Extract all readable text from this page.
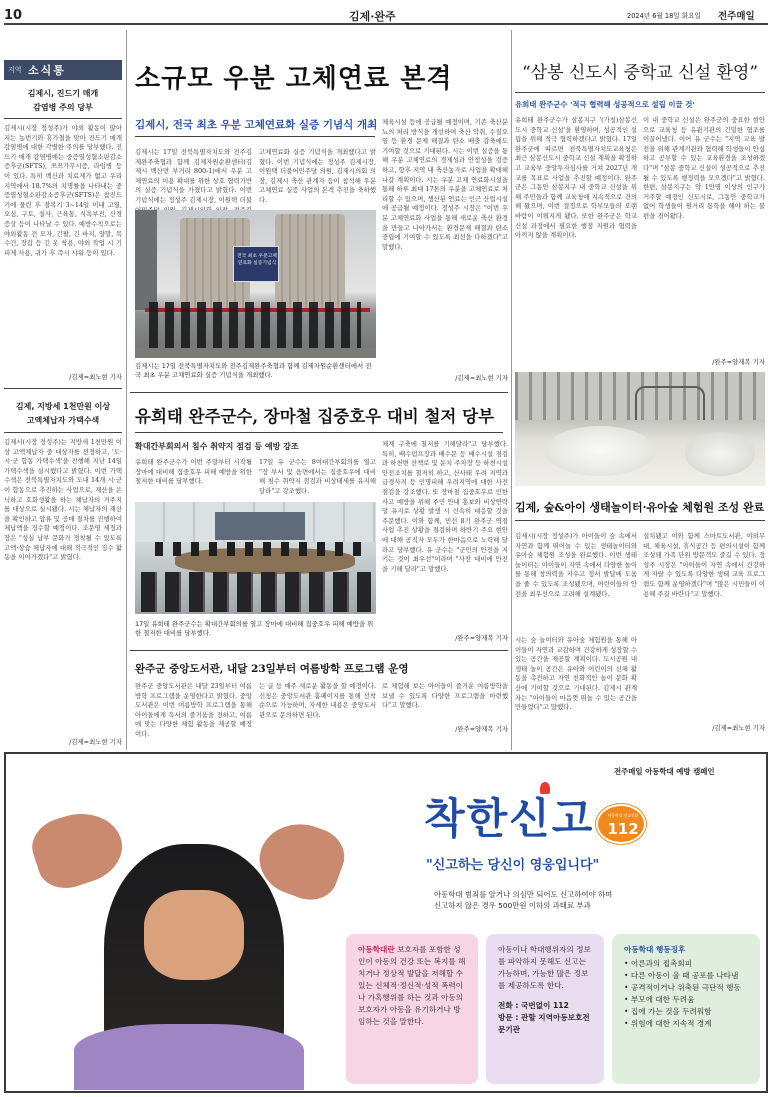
10	김제·완주	2024년 6월 18일 화요일 전주매일
지역 소식통
김제시, 진드기 매개
감염병 주의 당부
김제시(시장 정성주)가 야외 활동이 많아지는 농번기와 휴가철을 맞아 진드기 매개 감염병에 대한 각별한 주의를 당부했다. 진드기 매개 감염병에는 중증열성혈소판감소증후군(SFTS), 쯔쯔가무시증, 라임병 등이 있다. 특히 백신과 치료제가 없고 우리 지역에서 18.7%의 치명률을 나타내는 중증열성혈소판감소증후군(SFTS)은 참진드기에 물린 후 잠복기 3~14일 이내 고열, 오심, 구토, 설사, 근육통, 식욕부진, 신경 증상 등이 나타날 수 있다. 예방수칙으로는 야외활동 전 모자, 긴팔, 긴 바지, 양말, 목수건, 장갑 등 긴 옷 착용, 야외 작업 시 기피제 사용, 귀가 후 즉시 샤워 등이 있다.
/김제=최노현 기자
김제, 지방세 1천만원 이상
고액체납자 가택수색
김제시(시장 정성주)는 지방세 1천만원 이상 고액체납자 중 대상자를 선정하고, '도·시·군 합동 가택수색'을 진행해 지난 14일 가택수색을 실시했다고 밝혔다. 이번 가택수색은 전북특별자치도와 도내 14개 시·군이 합동으로 추진하는 사업으로, 재산을 은닉하고 호화생활을 하는 체납자의 거주지를 대상으로 실시됐다. 시는 체납자의 재산을 확인하고 압류 및 공매 절차를 진행하여 체납액을 징수할 예정이다. 조문영 세정과장은 "성실 납부 문화가 정착될 수 있도록 고액·상습 체납자에 대해 적극적인 징수 활동을 이어가겠다"고 밝혔다.
/김제=최노현 기자
소규모 우분 고체연료 본격
김제시, 전국 최초 우분 고체연료화 실증 기념식 개최
김제시는 17일 전북특별자치도와 전주김제완주축협과 함께 김제자원순환센터(김제시 백산면 부거리 800-1)에서 우분 고체연료의 이용 확대를 위한 상호 협력기반의 실증 기념식을 가졌다고 밝혔다. 이번 기념식에는 정성주 김제시장, 이원택 더불
고체연료화 실증 기념식을 개최했다고 밝혔다. 이번 기념식에는 정성주 김제시장, 이원택 더불어민주당 의원, 김제시의회 의장, 김제시 축산 관계자 등이 참석해 우분 고체연료 실증 사업의 본격 추진을 축하했다.
체육시설 등에 공급될 예정이며, 기존 축산분뇨의 처리 방식을 개선하여 축산 악취, 수질오염 등 환경 문제 해결과 탄소 배출 감축에도 기여할 것으로 기대된다. 시는 이번 실증을 통해 우분 고체연료의 경제성과 안정성을 검증하고, 향후 지역 내 축산농가로 사업을 확대해 나갈 계획이다. 시는 우분 고체 연료화시설을 통해 하루 최대 17톤의 우분을 고체연료로 처리할 수 있으며, 생산된 연료는 인근 산업시설에 공급될 예정이다. 정성주 시장은 "이번 우분 고체연료화 사업을 통해 새로운 축산 환경을 만들고 나아가서는 환경문제 해결과 탄소중립에 기여할 수 있도록 최선을 다하겠다"고 말했다.
/김제=최노현 기자
전국 최초 우분고체연료화 실증기념식
김제시는 17일 전북특별자치도와 전주김제완주축협과 함께 김제자원순환센터에서 전국 최초 우분 고체연료화 실증 기념식을 개최했다.
유희태 완주군수, 장마철 집중호우 대비 철저 당부
확대간부회의서 침수 취약지 점검 등 예방 강조
유희태 완주군수가 이번 주말부터 시작될 장마에 대비해 집중호우 피해 예방을 위한 철저한 대비를 당부했다.
17일 유 군수는 8여대간부회의를 열고 "장 부서 및 읍면에서는 집중호우에 대비해 침수 취약지 점검과 비상태세를 유지해 달라"고 강조했다.
체계 구축에 철저를 기해달라"고 당부했다. 특히, 배수펌프장과 배수문 등 배수시설 점검과 하천변 산책로 및 둔치 주차장 등 하천시설 안전조치를 철저히 하고, 산사태 우려 지역과 급경사지 등 인명피해 우려지역에 대한 사전 점검을 강조했다. 또 장마철 집중호우로 인한 사고 예방을 위해 주민 안내 홍보와 비상연락망 유지로 상황 발생 시 신속히 대응할 것을 주문했다. 이와 함께, 민선 8기 완주군 역점 사업 추진 상황을 점검하며 하반기 주요 현안에 대해 공직자 모두가 한마음으로 노력해 달라고 당부했다. 유 군수는 "군민의 안전을 지키는 것이 최우선"이라며 "사전 대비에 만전을 기해 달라"고 말했다.
/완주=양재복 기자
17일 유희태 완주군수는 확대간부회의를 열고 장마에 대비해 집중호우 피해 예방을 위한 철저한 대비를 당부했다.
완주군 중앙도서관, 내달 23일부터 여름방학 프로그램 운영
완주군 중앙도서관은 내달 23일부터 여름방학 프로그램을 운영한다고 밝혔다. 중앙도서관은 이번 여름방학 프로그램을 통해 아이들에게 독서의 즐거움을 전하고, 여름에 맞는 다양한 체험 활동을 제공할 예정이다.
는 글 등 매주 새로운 활동을 할 예정이다. 신청은 중앙도서관 홈페이지를 통해 선착순으로 가능하며, 자세한 내용은 중앙도서관으로 문의하면 된다.
로 체험해 보는 아이들이 즐거운 여름방학을 보낼 수 있도록 다양한 프로그램을 마련했다"고 말했다.
/완주=양재복 기자
“삼봉 신도시 중학교 신설 환영”
유희태 완주군수 '적극 협력해 성공적으로 설립 이끌 것'
유희태 완주군수가 삼봉지구 '(가칭)삼봉신도시 중학교 신설'을 환영하며, 성공적인 설립을 위해 적극 협력하겠다고 밝혔다. 17일 완주군에 따르면 전북특별자치도교육청은 최근 삼봉신도시 중학교 신설 계획을 확정하고 교육부 중앙투자심사를 거쳐 2027년 개교를 목표로 사업을 추진할 예정이다. 완주군은 그동안 삼봉지구 내 중학교 신설을 위해 주민들과 함께 교육청에 지속적으로 건의해 왔으며, 이번 결정으로 학부모들의 오랜 바람이 이뤄지게 됐다. 또한 완주군은 학교 신설 과정에서 필요한 행정 지원과 협력을 아끼지 않을 계획이다.
이 내 중학교 신설은 완주군의 중요한 현안으로 교육청 등 유관기관의 긴밀한 협조를 이끌어냈다. 이어 유 군수는 "지역 교육 발전을 위해 관계기관과 협력해 학생들이 안심하고 공부할 수 있는 교육환경을 조성하겠다"며 "삼봉 중학교 신설이 성공적으로 추진될 수 있도록 행정력을 모으겠다"고 밝혔다. 한편, 삼봉지구는 약 1만명 이상의 인구가 거주할 예정인 신도시로, 그동안 중학교가 없어 학생들이 원거리 통학을 해야 하는 불편을 겪어왔다.
/완주=양재복 기자
김제, 숲&아이 생태놀이터·유아숲 체험원 조성 완료
김제시(시장 정성주)가 아이들이 숲 속에서 자연과 함께 뛰어놀 수 있는 생태놀이터와 유아숲 체험원 조성을 완료했다. 이번 생태놀이터는 아이들이 자연 속에서 다양한 놀이를 통해 창의력을 키우고 정서 발달에 도움을 줄 수 있도록 조성됐으며, 어린이들의 안전을 최우선으로 고려해 설계됐다.
시는 숲 놀이터와 유아숲 체험원을 통해 아이들이 자연과 교감하며 건강하게 성장할 수 있는 공간을 제공할 계획이다. 도시공원 내 생태 놀이 공간은 유아와 어린이의 신체 활동을 촉진하고 자연 친화적인 놀이 문화 확산에 기여할 것으로 기대된다. 김제시 관계자는 "아이들이 마음껏 뛰놀 수 있는 공간을 만들었다"고 말했다.
설치됐고 이와 함께 스마트도서관, 야외무대, 체육시설, 휴식공간 등 편의시설이 함께 조성돼 가족 단위 방문객도 즐길 수 있다. 정성주 시장은 "아이들이 자연 속에서 건강하게 자랄 수 있도록 다양한 생태 교육 프로그램도 함께 운영하겠다"며 "많은 시민들이 이용해 주길 바란다"고 말했다.
/김제=최노현 기자
전주매일 아동학대 예방 캠페인
착한신고	아동학대 신고전화
112
"신고하는 당신이 영웅입니다"
아동학대 범죄를 알거나 의심만 되어도 신고하여야 하며
신고하지 않은 경우 500만원 이하의 과태료 부과
아동학대란 보호자를 포함한 성인이 아동의 건강 또는 복지를 해치거나 정상적 발달을 저해할 수 있는 신체적·정신적·성적 폭력이나 가혹행위를 하는 것과 아동의 보호자가 아동을 유기하거나 방임하는 것을 말한다.
아동이나 학대행위자의 정보를 파악하지 못해도 신고는 가능하며, 가능한 많은 정보를 제공하도록 한다.
전화 : 국번없이 112
방문 : 관할 지역아동보호전문기관
아동학대 행동징후
• 어른과의 접촉회피
• 다른 아동이 울 때 공포를 나타냄
• 공격적이거나 위축된 극단적 행동
• 부모에 대한 두려움
• 집에 가는 것을 두려워함
• 위험에 대한 지속적 경계
